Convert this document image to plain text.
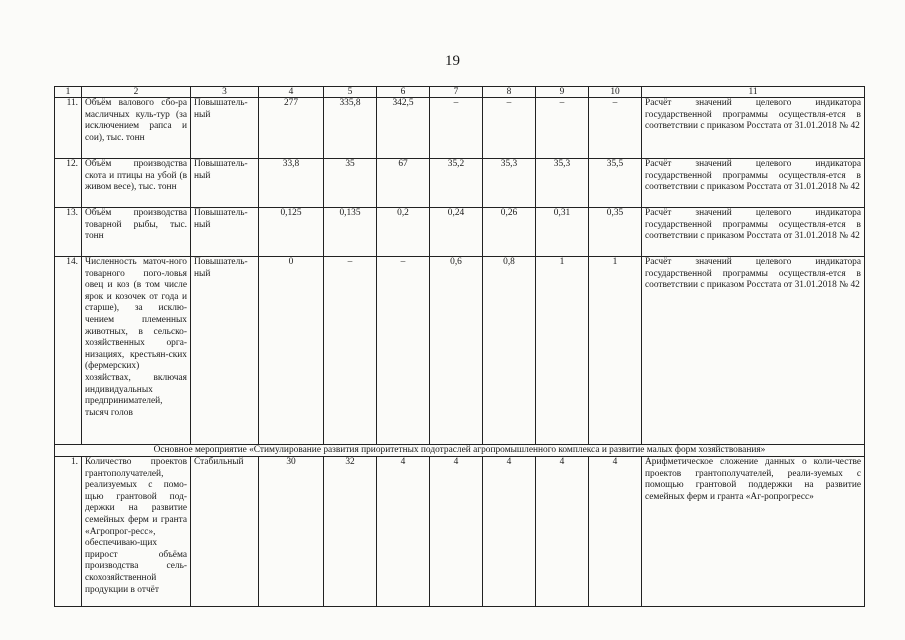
19
1	2	3	4	5	6	7	8	9	10	11
11.	Объём валового сбо-ра масличных куль-тур (за исключением рапса и сои), тыс. тонн	Повышатель-ный	277	335,8	342,5	–	–	–	–	Расчёт значений целевого индикатора государственной программы осуществля-ется в соответствии с приказом Росстата от 31.01.2018 № 42
12.	Объём производства скота и птицы на убой (в живом весе), тыс. тонн	Повышатель-ный	33,8	35	67	35,2	35,3	35,3	35,5	Расчёт значений целевого индикатора государственной программы осуществля-ется в соответствии с приказом Росстата от 31.01.2018 № 42
13.	Объём производства товарной рыбы, тыс. тонн	Повышатель-ный	0,125	0,135	0,2	0,24	0,26	0,31	0,35	Расчёт значений целевого индикатора государственной программы осуществля-ется в соответствии с приказом Росстата от 31.01.2018 № 42
14.	Численность маточ-ного товарного пого-ловья овец и коз (в том числе ярок и козочек от года и старше), за исклю-чением племенных животных, в сельско-хозяйственных орга-низациях, крестьян-ских (фермерских) хозяйствах, включая индивидуальных предпринимателей, тысяч голов	Повышатель-ный	0	–	–	0,6	0,8	1	1	Расчёт значений целевого индикатора государственной программы осуществля-ется в соответствии с приказом Росстата от 31.01.2018 № 42
Основное мероприятие «Стимулирование развития приоритетных подотраслей агропромышленного комплекса и развитие малых форм хозяйствования»										
1.	Количество проектов грантополучателей, реализуемых с помо-щью грантовой под-держки на развитие семейных ферм и гранта «Агропрог-ресс», обеспечиваю-щих прирост объёма производства сель-скохозяйственной продукции в отчёт	Стабильный	30	32	4	4	4	4	4	Арифметическое сложение данных о коли-честве проектов грантополучателей, реали-зуемых с помощью грантовой поддержки на развитие семейных ферм и гранта «Аг-ропрогресс»
